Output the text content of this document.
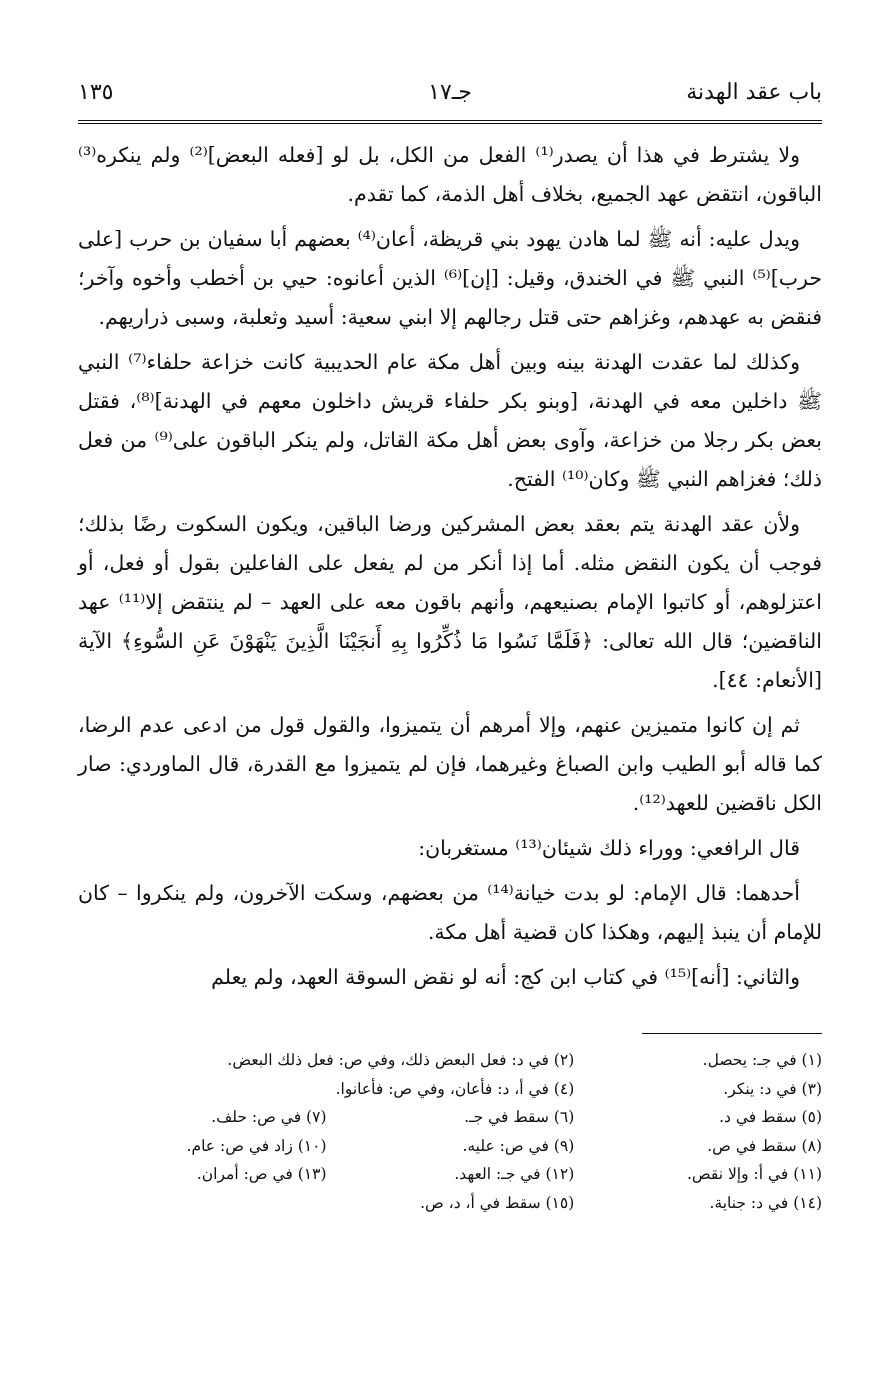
باب عقد الهدنة
جـ١٧
١٣٥

ولا يشترط في هذا أن يصدر⁽¹⁾ الفعل من الكل، بل لو [فعله البعض]⁽²⁾ ولم ينكره⁽³⁾ الباقون، انتقض عهد الجميع، بخلاف أهل الذمة، كما تقدم.

ويدل عليه: أنه ﷺ لما هادن يهود بني قريظة، أعان⁽⁴⁾ بعضهم أبا سفيان بن حرب [على حرب]⁽⁵⁾ النبي ﷺ في الخندق، وقيل: [إن]⁽⁶⁾ الذين أعانوه: حيي بن أخطب وأخوه وآخر؛ فنقض به عهدهم، وغزاهم حتى قتل رجالهم إلا ابني سعية: أسيد وثعلبة، وسبى ذراريهم.

وكذلك لما عقدت الهدنة بينه وبين أهل مكة عام الحديبية كانت خزاعة حلفاء⁽⁷⁾ النبي ﷺ داخلين معه في الهدنة، [وبنو بكر حلفاء قريش داخلون معهم في الهدنة]⁽⁸⁾، فقتل بعض بكر رجلا من خزاعة، وآوى بعض أهل مكة القاتل، ولم ينكر الباقون على⁽⁹⁾ من فعل ذلك؛ فغزاهم النبي ﷺ وكان⁽¹⁰⁾ الفتح.

ولأن عقد الهدنة يتم بعقد بعض المشركين ورضا الباقين، ويكون السكوت رضًا بذلك؛ فوجب أن يكون النقض مثله. أما إذا أنكر من لم يفعل على الفاعلين بقول أو فعل، أو اعتزلوهم، أو كاتبوا الإمام بصنيعهم، وأنهم باقون معه على العهد – لم ينتقض إلا⁽¹¹⁾ عهد الناقضين؛ قال الله تعالى: ﴿فَلَمَّا نَسُوا مَا ذُكِّرُوا بِهِ أَنجَيْنَا الَّذِينَ يَنْهَوْنَ عَنِ السُّوءِ﴾ الآية [الأنعام: ٤٤].

ثم إن كانوا متميزين عنهم، وإلا أمرهم أن يتميزوا، والقول قول من ادعى عدم الرضا، كما قاله أبو الطيب وابن الصباغ وغيرهما، فإن لم يتميزوا مع القدرة، قال الماوردي: صار الكل ناقضين للعهد⁽¹²⁾.

قال الرافعي: ووراء ذلك شيئان⁽¹³⁾ مستغربان:

أحدهما: قال الإمام: لو بدت خيانة⁽¹⁴⁾ من بعضهم، وسكت الآخرون، ولم ينكروا – كان للإمام أن ينبذ إليهم، وهكذا كان قضية أهل مكة.

والثاني: [أنه]⁽¹⁵⁾ في كتاب ابن كج: أنه لو نقض السوقة العهد، ولم يعلم

(١) في جـ: يحصل.
(٢) في د: فعل البعض ذلك، وفي ص: فعل ذلك البعض.
(٣) في د: ينكر.
(٤) في أ، د: فأعان، وفي ص: فأعانوا.
(٥) سقط في د.
(٦) سقط في جـ.
(٧) في ص: حلف.
(٨) سقط في ص.
(٩) في ص: عليه.
(١٠) زاد في ص: عام.
(١١) في أ: وإلا نقص.
(١٢) في جـ: العهد.
(١٣) في ص: أمران.
(١٤) في د: جناية.
(١٥) سقط في أ، د، ص.
